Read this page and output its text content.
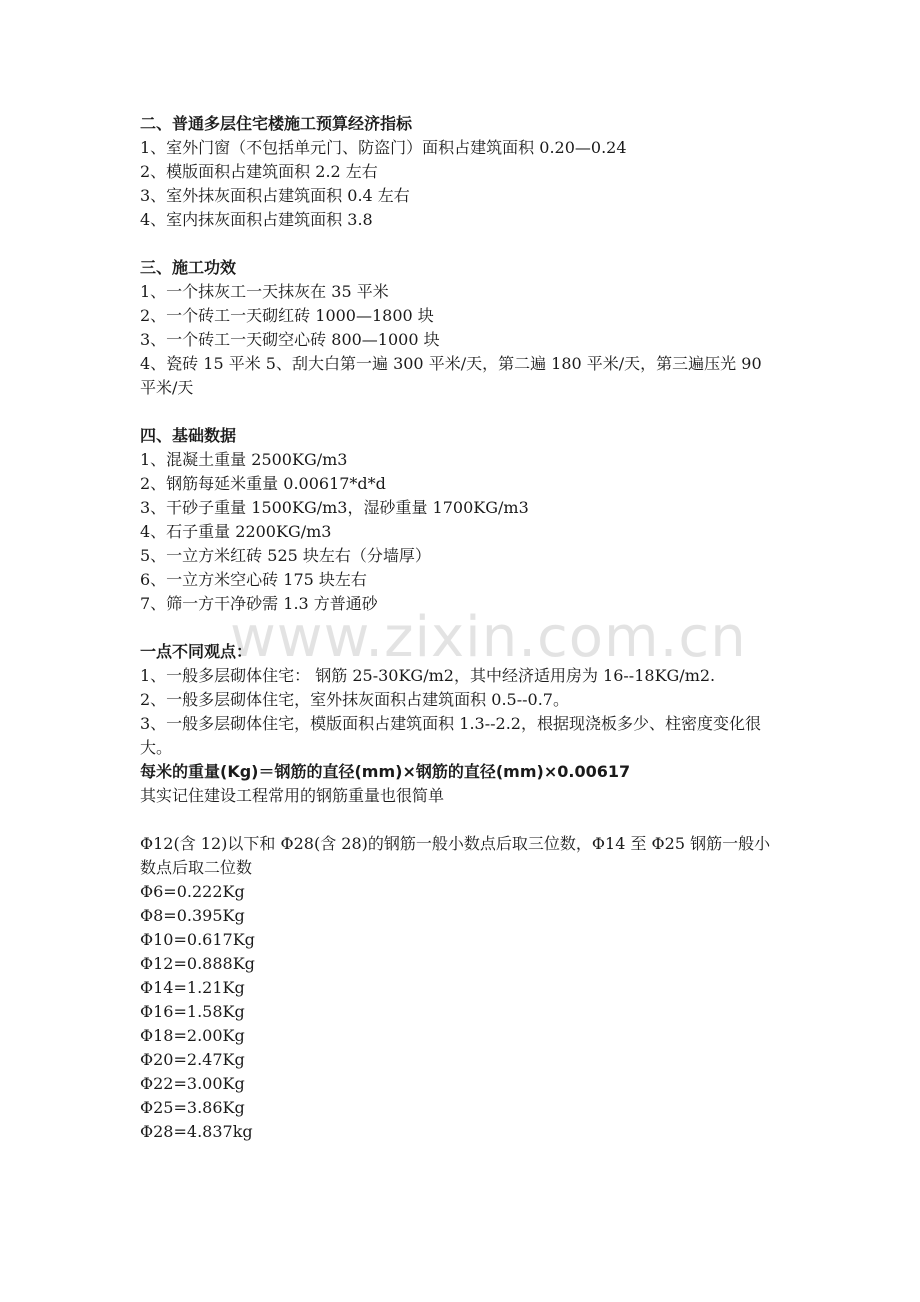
www.zixin.com.cn
二、普通多层住宅楼施工预算经济指标
1、室外门窗（不包括单元门、防盗门）面积占建筑面积 0.20—0.24
2、模版面积占建筑面积 2.2 左右
3、室外抹灰面积占建筑面积 0.4 左右
4、室内抹灰面积占建筑面积 3.8
三、施工功效
1、一个抹灰工一天抹灰在 35 平米
2、一个砖工一天砌红砖 1000—1800 块
3、一个砖工一天砌空心砖 800—1000 块
4、瓷砖 15 平米 5、刮大白第一遍 300 平米/天，第二遍 180 平米/天，第三遍压光 90 平米/天
四、基础数据
1、混凝土重量 2500KG/m3
2、钢筋每延米重量 0.00617*d*d
3、干砂子重量 1500KG/m3，湿砂重量 1700KG/m3
4、石子重量 2200KG/m3
5、一立方米红砖 525 块左右（分墙厚）
6、一立方米空心砖 175 块左右
7、筛一方干净砂需 1.3 方普通砂
一点不同观点：
1、一般多层砌体住宅： 钢筋 25-30KG/m2，其中经济适用房为 16--18KG/m2.
2、一般多层砌体住宅，室外抹灰面积占建筑面积 0.5--0.7。
3、一般多层砌体住宅，模版面积占建筑面积 1.3--2.2，根据现浇板多少、柱密度变化很大。
每米的重量(Kg)＝钢筋的直径(mm)×钢筋的直径(mm)×0.00617
其实记住建设工程常用的钢筋重量也很简单
Φ12(含 12)以下和 Φ28(含 28)的钢筋一般小数点后取三位数，Φ14 至 Φ25 钢筋一般小数点后取二位数
Φ6=0.222Kg
Φ8=0.395Kg
Φ10=0.617Kg
Φ12=0.888Kg
Φ14=1.21Kg
Φ16=1.58Kg
Φ18=2.00Kg
Φ20=2.47Kg
Φ22=3.00Kg
Φ25=3.86Kg
Φ28=4.837kg
